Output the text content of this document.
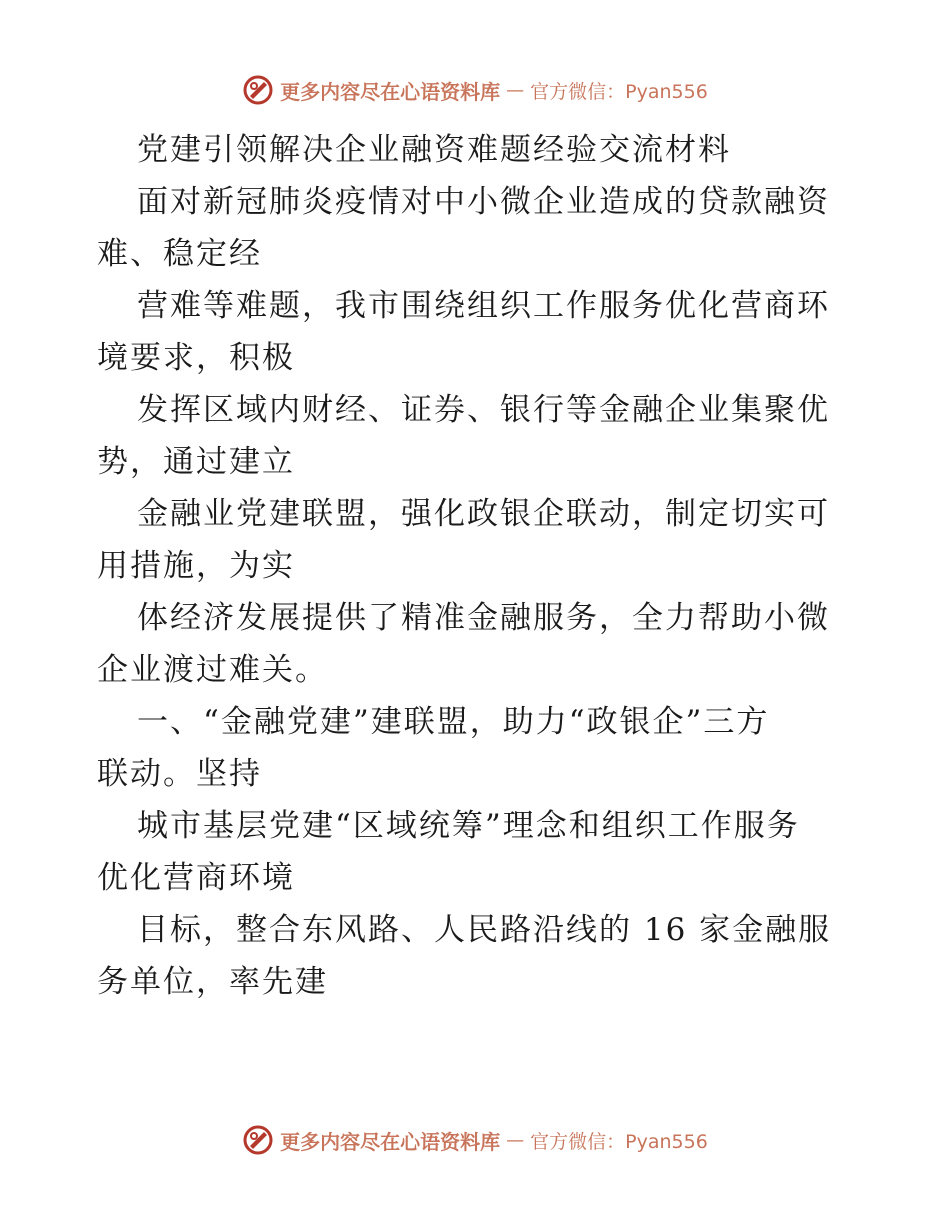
更多内容尽在心语资料库 — 官方微信：Pyan556
党建引领解决企业融资难题经验交流材料
面对新冠肺炎疫情对中小微企业造成的贷款融资
难、稳定经
营难等难题，我市围绕组织工作服务优化营商环
境要求，积极
发挥区域内财经、证券、银行等金融企业集聚优
势，通过建立
金融业党建联盟，强化政银企联动，制定切实可
用措施，为实
体经济发展提供了精准金融服务，全力帮助小微
企业渡过难关。
一、“金融党建”建联盟，助力“政银企”三方
联动。坚持
城市基层党建“区域统筹”理念和组织工作服务
优化营商环境
目标，整合东风路、人民路沿线的 16 家金融服
务单位，率先建
更多内容尽在心语资料库 — 官方微信：Pyan556
